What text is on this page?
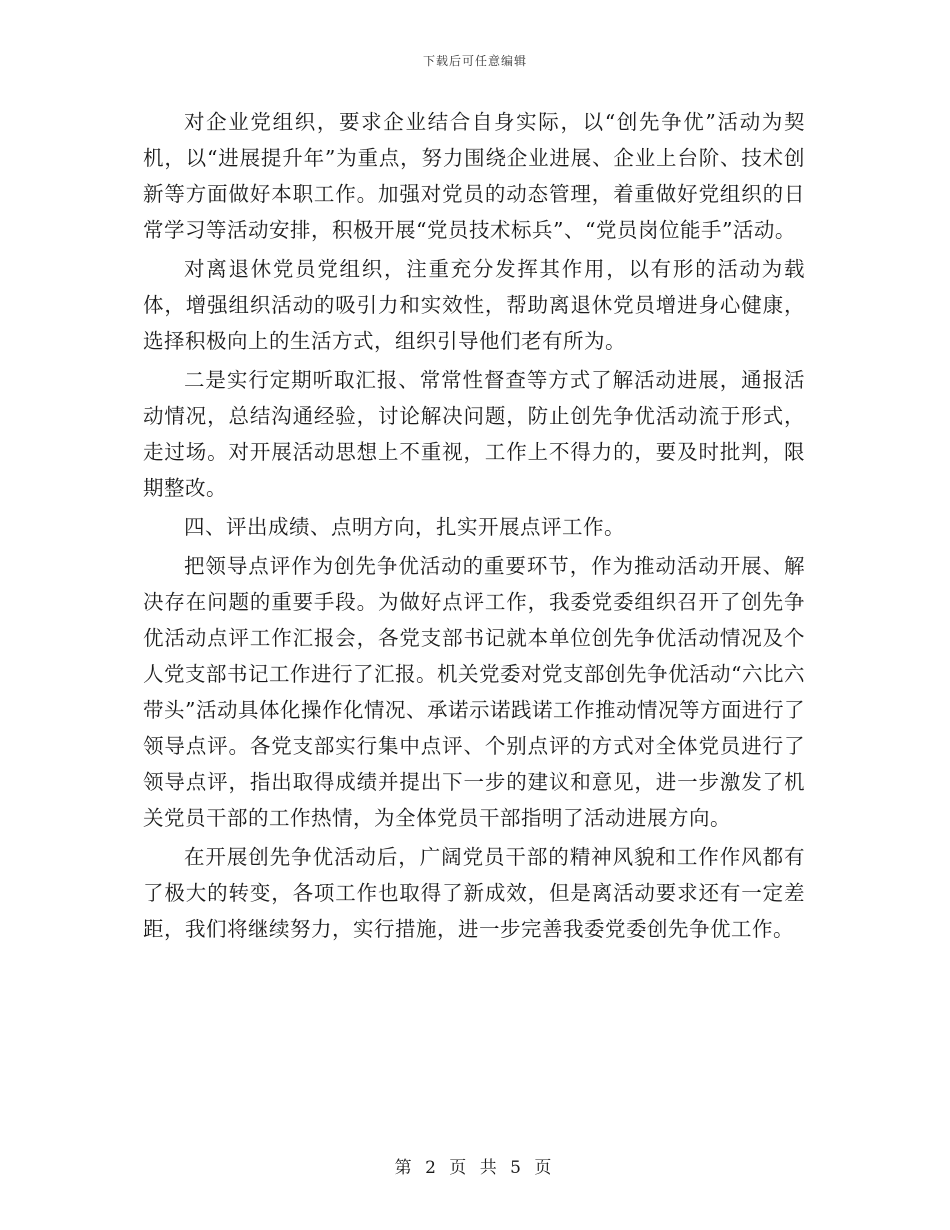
下载后可任意编辑

对企业党组织，要求企业结合自身实际，以“创先争优”活动为契机，以“进展提升年”为重点，努力围绕企业进展、企业上台阶、技术创新等方面做好本职工作。加强对党员的动态管理，着重做好党组织的日常学习等活动安排，积极开展“党员技术标兵”、“党员岗位能手”活动。

对离退休党员党组织，注重充分发挥其作用，以有形的活动为载体，增强组织活动的吸引力和实效性，帮助离退休党员增进身心健康，选择积极向上的生活方式，组织引导他们老有所为。

二是实行定期听取汇报、常常性督查等方式了解活动进展，通报活动情况，总结沟通经验，讨论解决问题，防止创先争优活动流于形式，走过场。对开展活动思想上不重视，工作上不得力的，要及时批判，限期整改。

四、评出成绩、点明方向，扎实开展点评工作。

把领导点评作为创先争优活动的重要环节，作为推动活动开展、解决存在问题的重要手段。为做好点评工作，我委党委组织召开了创先争优活动点评工作汇报会，各党支部书记就本单位创先争优活动情况及个人党支部书记工作进行了汇报。机关党委对党支部创先争优活动“六比六带头”活动具体化操作化情况、承诺示诺践诺工作推动情况等方面进行了领导点评。各党支部实行集中点评、个别点评的方式对全体党员进行了领导点评，指出取得成绩并提出下一步的建议和意见，进一步激发了机关党员干部的工作热情，为全体党员干部指明了活动进展方向。

在开展创先争优活动后，广阔党员干部的精神风貌和工作作风都有了极大的转变，各项工作也取得了新成效，但是离活动要求还有一定差距，我们将继续努力，实行措施，进一步完善我委党委创先争优工作。

第 2 页 共 5 页
